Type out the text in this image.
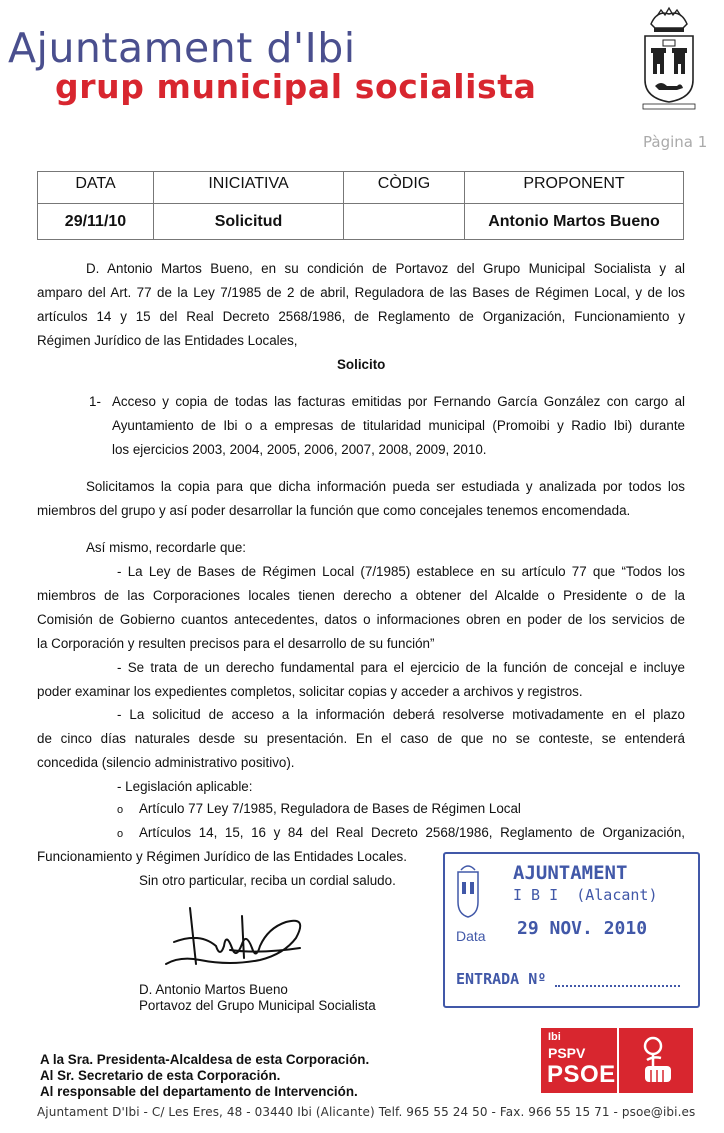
Ajuntament d'Ibi
grup municipal socialista
Pàgina 1
DATA	INICIATIVA	CÒDIG	PROPONENT
29/11/10	Solicitud		Antonio Martos Bueno
D. Antonio Martos Bueno, en su condición de Portavoz del Grupo Municipal Socialista y al
amparo del Art. 77 de la Ley 7/1985 de 2 de abril, Reguladora de las Bases de Régimen Local, y de los
artículos 14 y 15 del Real Decreto 2568/1986, de Reglamento de Organización, Funcionamiento y
Régimen Jurídico de las Entidades Locales,
Solicito
1- Acceso y copia de todas las facturas emitidas por Fernando García González con cargo al
Ayuntamiento de Ibi o a empresas de titularidad municipal (Promoibi y Radio Ibi) durante
los ejercicios 2003, 2004, 2005, 2006, 2007, 2008, 2009, 2010.
Solicitamos la copia para que dicha información pueda ser estudiada y analizada por todos los
miembros del grupo y así poder desarrollar la función que como concejales tenemos encomendada.
Así mismo, recordarle que:
- La Ley de Bases de Régimen Local (7/1985) establece en su artículo 77 que “Todos los
miembros de las Corporaciones locales tienen derecho a obtener del Alcalde o Presidente o de la
Comisión de Gobierno cuantos antecedentes, datos o informaciones obren en poder de los servicios de
la Corporación y resulten precisos para el desarrollo de su función”
- Se trata de un derecho fundamental para el ejercicio de la función de concejal e incluye
poder examinar los expedientes completos, solicitar copias y acceder a archivos y registros.
- La solicitud de acceso a la información deberá resolverse motivadamente en el plazo
de cinco días naturales desde su presentación. En el caso de que no se conteste, se entenderá
concedida (silencio administrativo positivo).
- Legislación aplicable:
o Artículo 77 Ley 7/1985, Reguladora de Bases de Régimen Local
o Artículos 14, 15, 16 y 84 del Real Decreto 2568/1986, Reglamento de Organización,
Funcionamiento y Régimen Jurídico de las Entidades Locales.
Sin otro particular, reciba un cordial saludo.
D. Antonio Martos Bueno
Portavoz del Grupo Municipal Socialista
AJUNTAMENT
I B I  (Alacant)
Data 29 NOV. 2010
ENTRADA Nº
A la Sra. Presidenta-Alcaldesa de esta Corporación.
Al Sr. Secretario de esta Corporación.
Al responsable del departamento de Intervención.
Ibi
PSPV
PSOE
Ajuntament D'Ibi - C/ Les Eres, 48 - 03440 Ibi (Alicante) Telf. 965 55 24 50 - Fax. 966 55 15 71 - psoe@ibi.es
